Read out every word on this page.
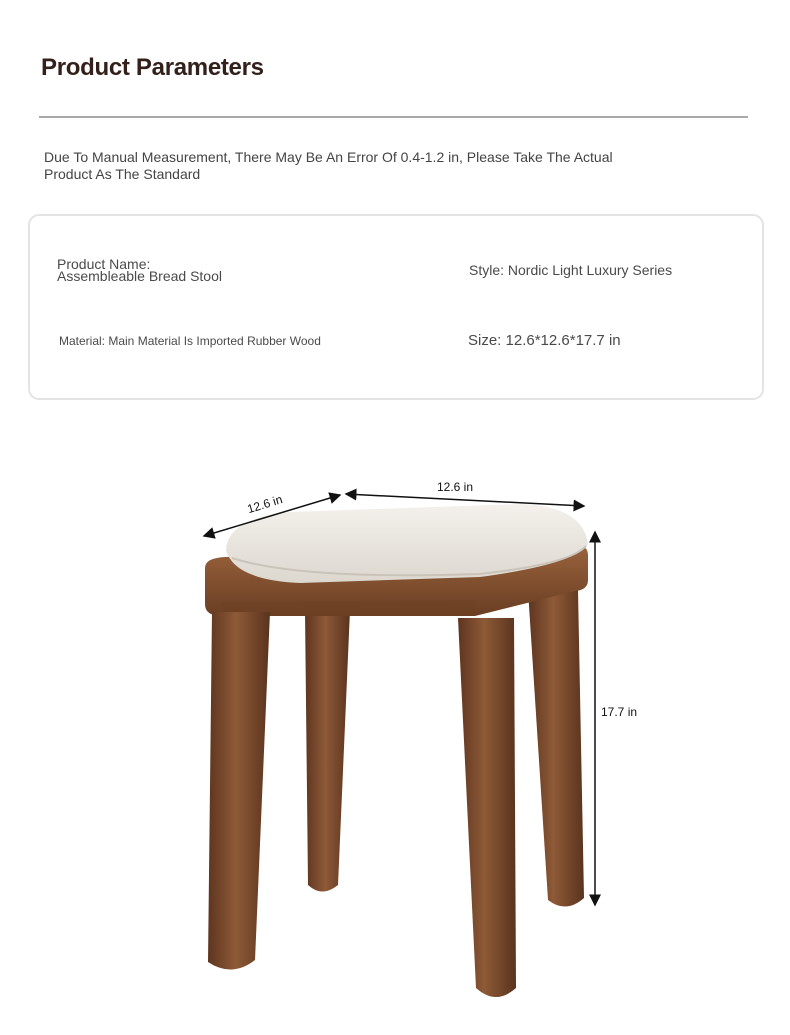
Product Parameters
Due To Manual Measurement, There May Be An Error Of 0.4-1.2 in, Please Take The Actual Product As The Standard
Product Name:
Assembleable Bread Stool	Style: Nordic Light Luxury Series
Material: Main Material Is Imported Rubber Wood	Size: 12.6*12.6*17.7 in
12.6 in
12.6 in
17.7 in
